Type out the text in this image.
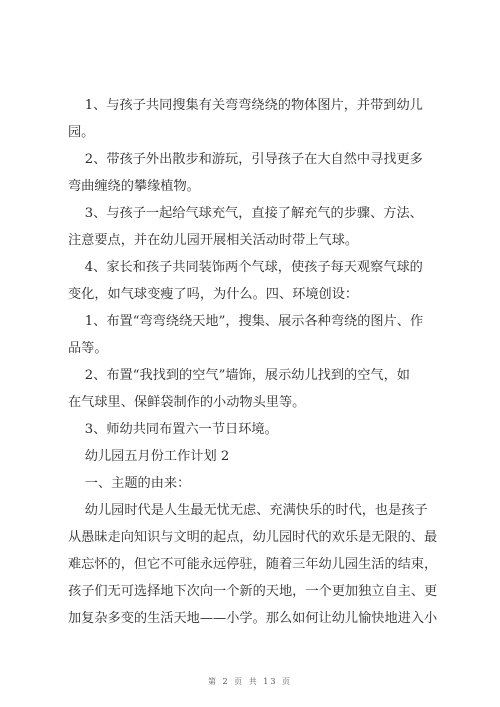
1、与孩子共同搜集有关弯弯绕绕的物体图片，并带到幼儿
园。
2、带孩子外出散步和游玩，引导孩子在大自然中寻找更多
弯曲缠绕的攀缘植物。
3、与孩子一起给气球充气，直接了解充气的步骤、方法、
注意要点，并在幼儿园开展相关活动时带上气球。
4、家长和孩子共同装饰两个气球，使孩子每天观察气球的
变化，如气球变瘦了吗，为什么。四、环境创设：
1、布置“弯弯绕绕天地”，搜集、展示各种弯绕的图片、作
品等。
2、布置“我找到的空气”墙饰，展示幼儿找到的空气，如
在气球里、保鲜袋制作的小动物头里等。
3、师幼共同布置六一节日环境。
幼儿园五月份工作计划 2
一、主题的由来：
幼儿园时代是人生最无忧无虑、充满快乐的时代，也是孩子
从愚昧走向知识与文明的起点，幼儿园时代的欢乐是无限的、最
难忘怀的，但它不可能永远停驻，随着三年幼儿园生活的结束，
孩子们无可选择地下次向一个新的天地，一个更加独立自主、更
加复杂多变的生活天地——小学。那么如何让幼儿愉快地进入小

第 2 页 共 13 页
